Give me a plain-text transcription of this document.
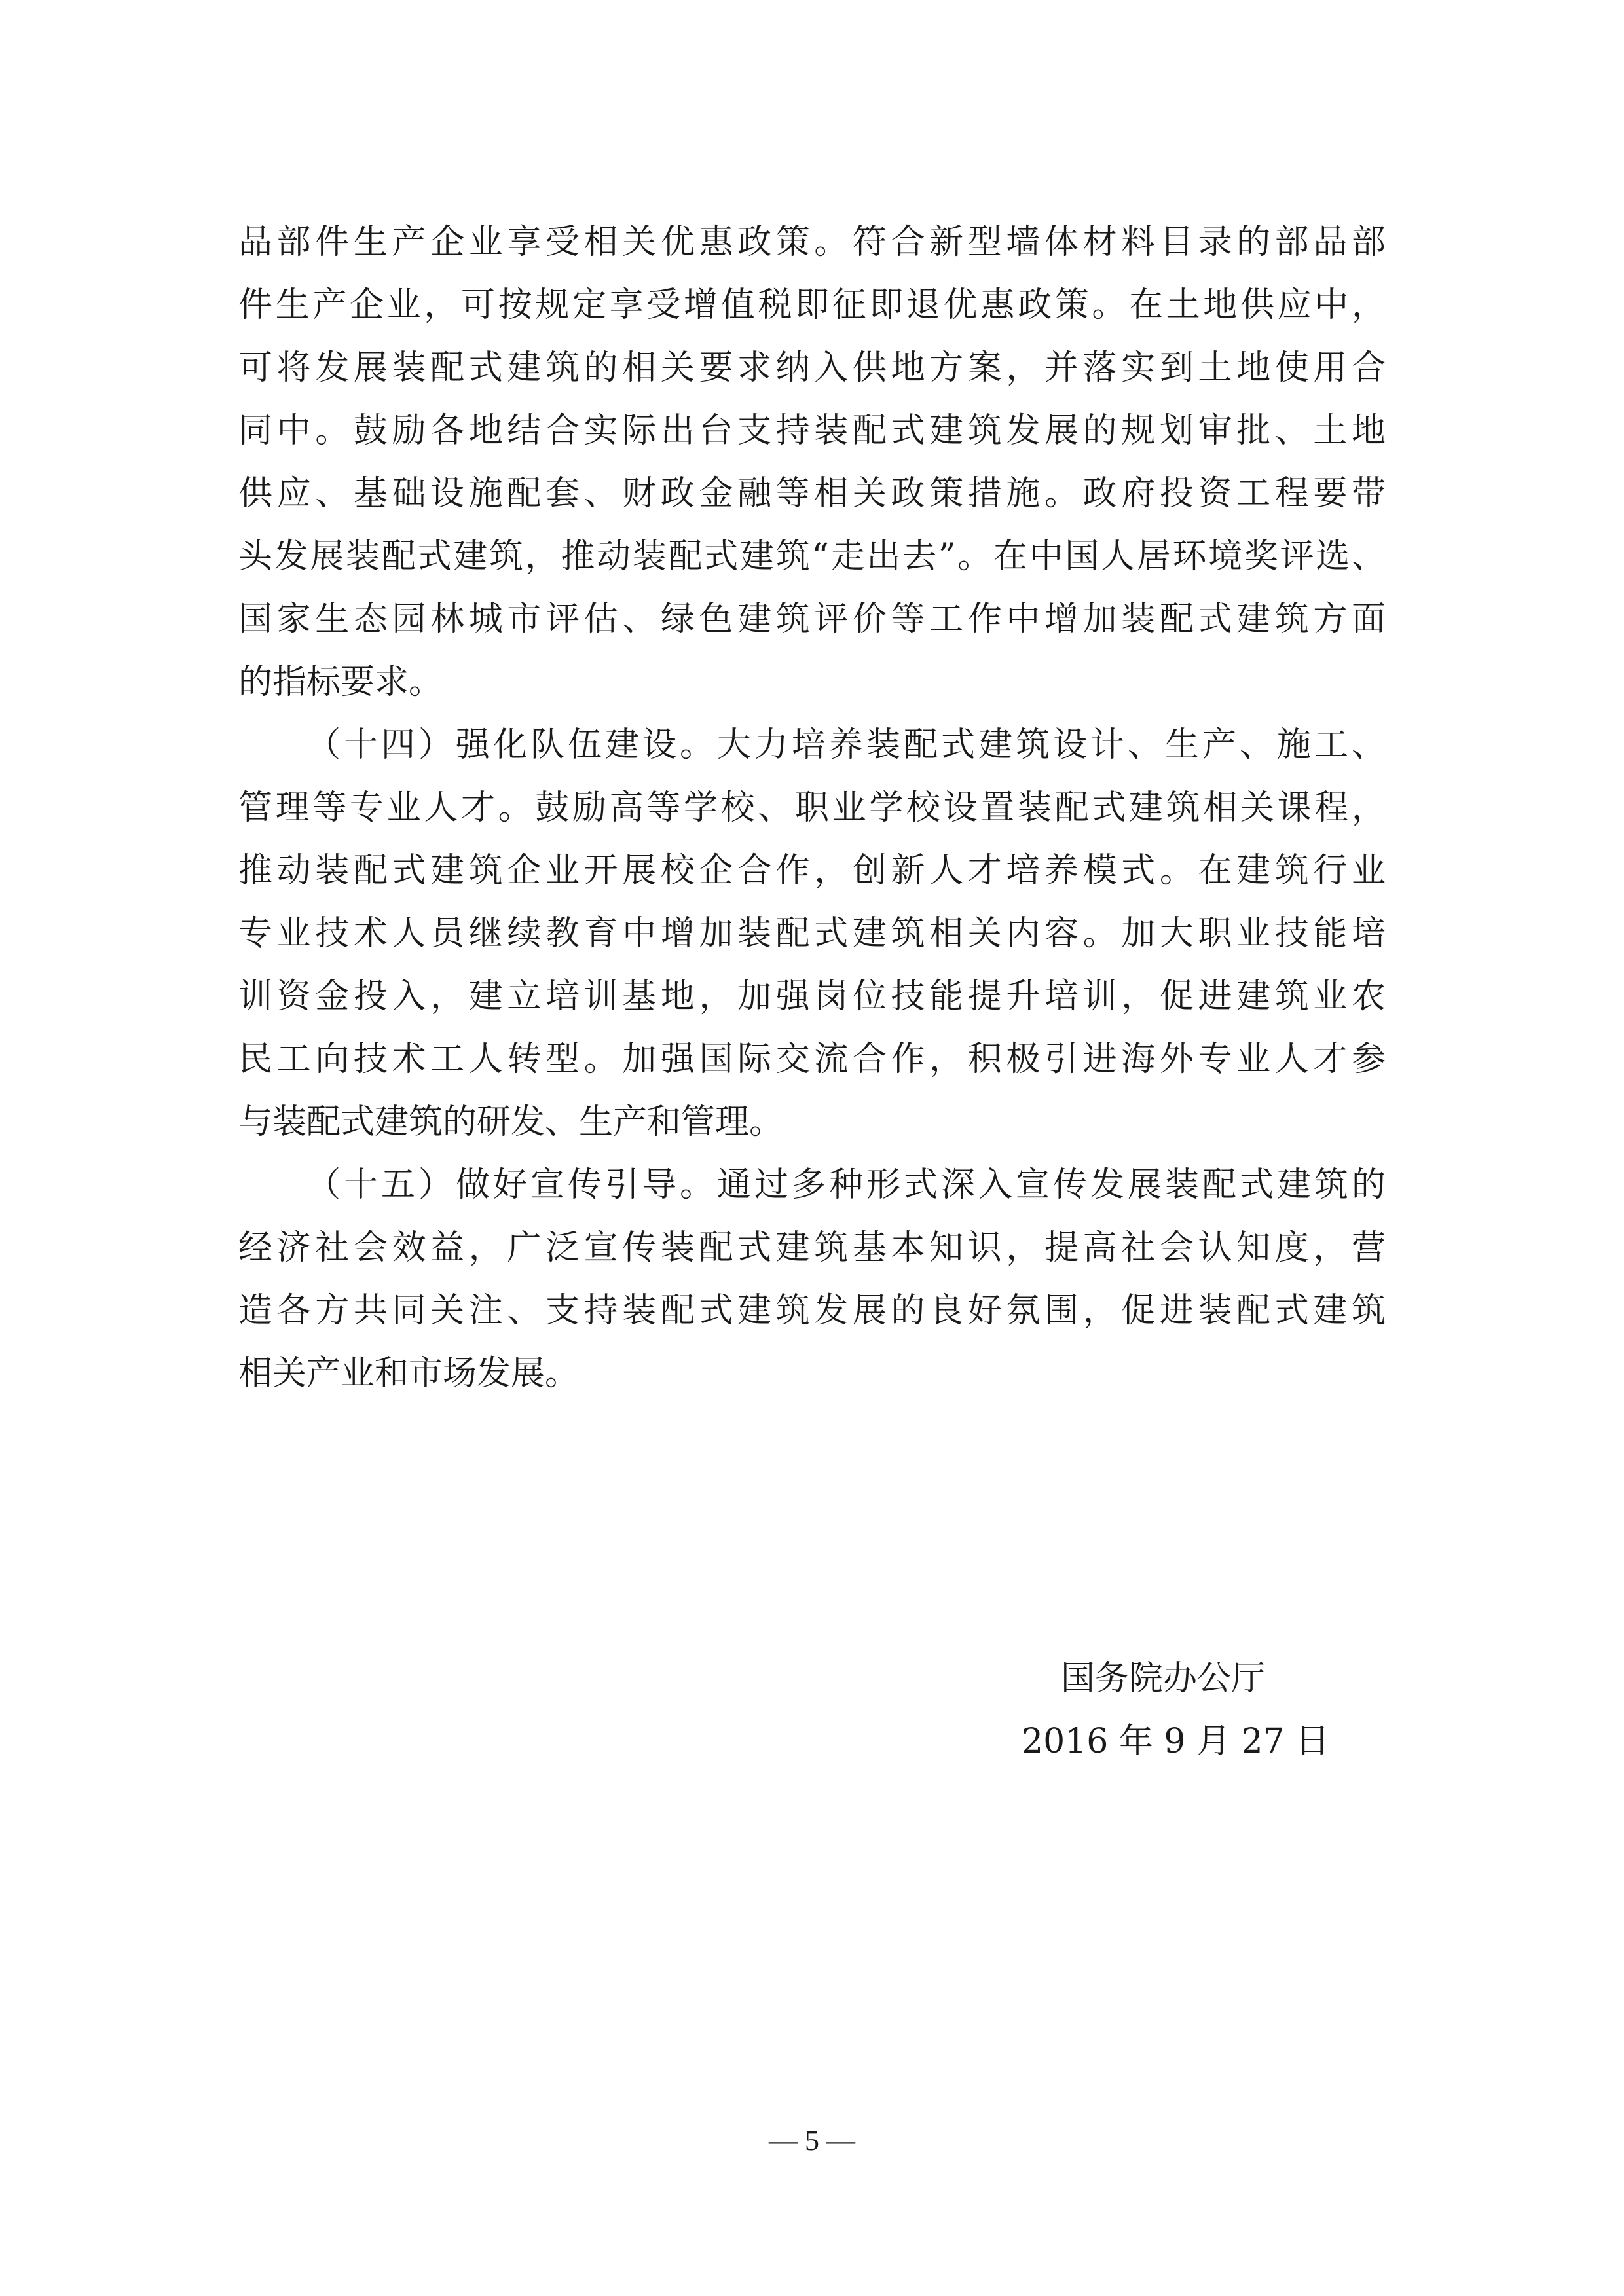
品部件生产企业享受相关优惠政策。符合新型墙体材料目录的部品部
件生产企业，可按规定享受增值税即征即退优惠政策。在土地供应中，
可将发展装配式建筑的相关要求纳入供地方案，并落实到土地使用合
同中。鼓励各地结合实际出台支持装配式建筑发展的规划审批、土地
供应、基础设施配套、财政金融等相关政策措施。政府投资工程要带
头发展装配式建筑，推动装配式建筑“走出去”。在中国人居环境奖评选、
国家生态园林城市评估、绿色建筑评价等工作中增加装配式建筑方面
的指标要求。
（十四）强化队伍建设。大力培养装配式建筑设计、生产、施工、
管理等专业人才。鼓励高等学校、职业学校设置装配式建筑相关课程，
推动装配式建筑企业开展校企合作，创新人才培养模式。在建筑行业
专业技术人员继续教育中增加装配式建筑相关内容。加大职业技能培
训资金投入，建立培训基地，加强岗位技能提升培训，促进建筑业农
民工向技术工人转型。加强国际交流合作，积极引进海外专业人才参
与装配式建筑的研发、生产和管理。
（十五）做好宣传引导。通过多种形式深入宣传发展装配式建筑的
经济社会效益，广泛宣传装配式建筑基本知识，提高社会认知度，营
造各方共同关注、支持装配式建筑发展的良好氛围，促进装配式建筑
相关产业和市场发展。
国务院办公厅
2016 年 9 月 27 日
— 5 —
